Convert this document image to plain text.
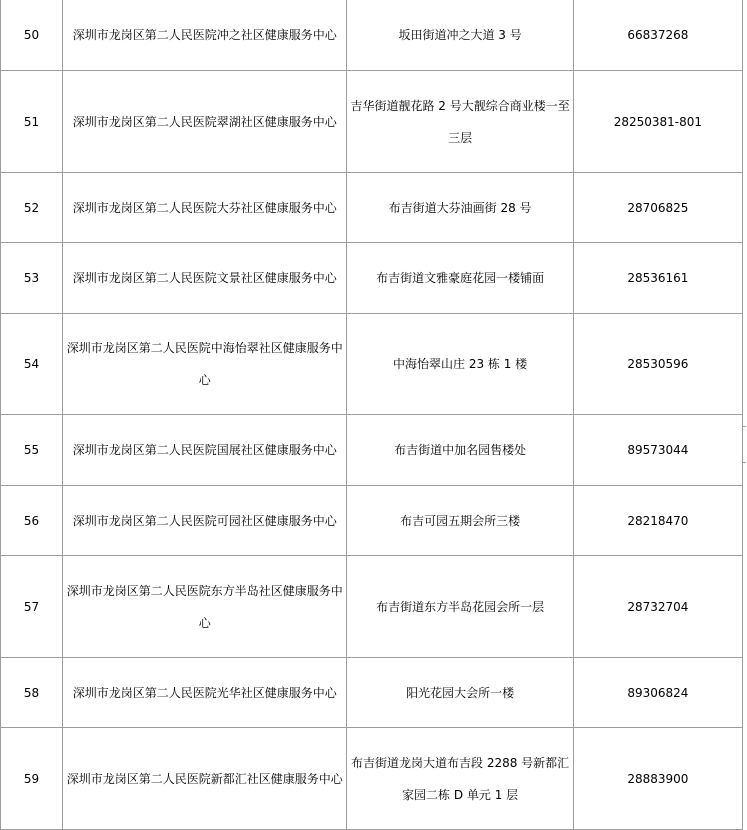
50	深圳市龙岗区第二人民医院冲之社区健康服务中心	坂田街道冲之大道 3 号	66837268
51	深圳市龙岗区第二人民医院翠湖社区健康服务中心	吉华街道靓花路 2 号大靓综合商业楼一至三层	28250381-801
52	深圳市龙岗区第二人民医院大芬社区健康服务中心	布吉街道大芬油画街 28 号	28706825
53	深圳市龙岗区第二人民医院文景社区健康服务中心	布吉街道文雅豪庭花园一楼铺面	28536161
54	深圳市龙岗区第二人民医院中海怡翠社区健康服务中心	中海怡翠山庄 23 栋 1 楼	28530596
55	深圳市龙岗区第二人民医院国展社区健康服务中心	布吉街道中加名园售楼处	89573044
56	深圳市龙岗区第二人民医院可园社区健康服务中心	布吉可园五期会所三楼	28218470
57	深圳市龙岗区第二人民医院东方半岛社区健康服务中心	布吉街道东方半岛花园会所一层	28732704
58	深圳市龙岗区第二人民医院光华社区健康服务中心	阳光花园大会所一楼	89306824
59	深圳市龙岗区第二人民医院新都汇社区健康服务中心	布吉街道龙岗大道布吉段 2288 号新都汇家园二栋 D 单元 1 层	28883900
